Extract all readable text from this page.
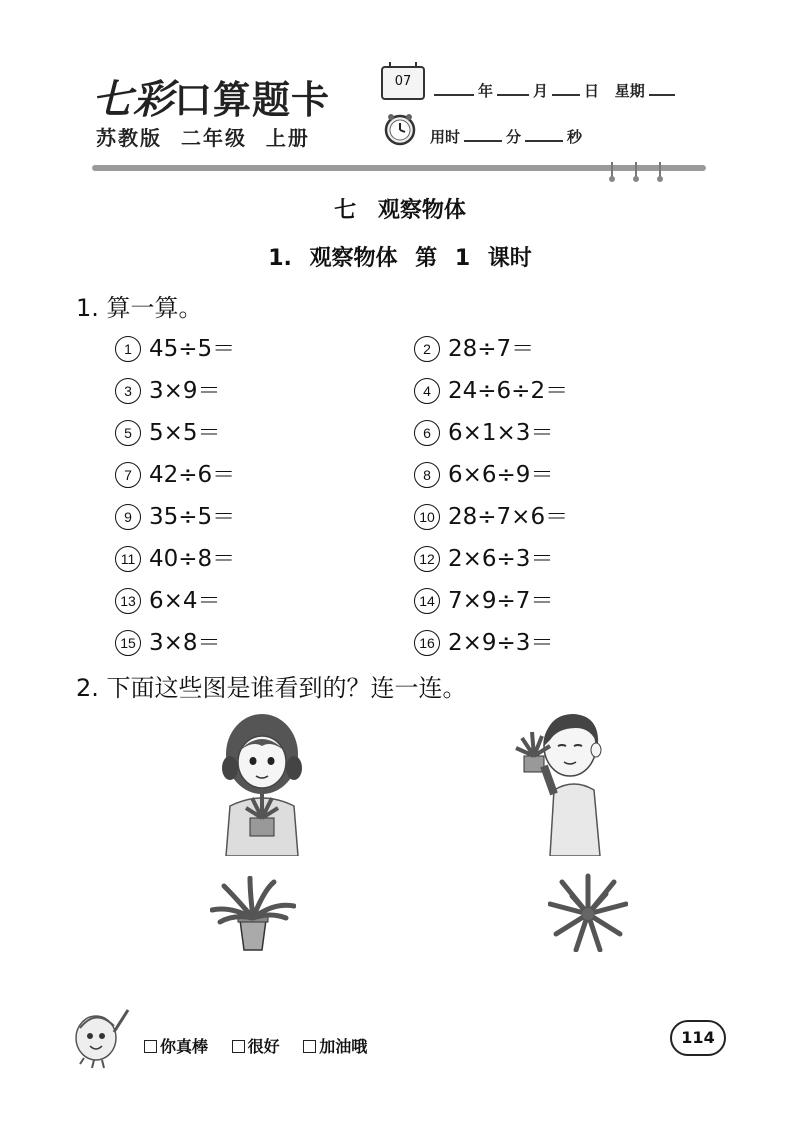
七彩口算题卡
苏教版 二年级 上册
07
年	月 日 星期
用时	分	秒
七 观察物体
1. 观察物体 第 1 课时
1. 算一算。
1 45÷5＝	2 28÷7＝
3 3×9＝	4 24÷6÷2＝
5 5×5＝	6 6×1×3＝
7 42÷6＝	8 6×6÷9＝
9 35÷5＝	10 28÷7×6＝
11 40÷8＝	12 2×6÷3＝
13 6×4＝	14 7×9÷7＝
15 3×8＝	16 2×9÷3＝
2. 下面这些图是谁看到的？连一连。
你真棒 很好 加油哦	114
